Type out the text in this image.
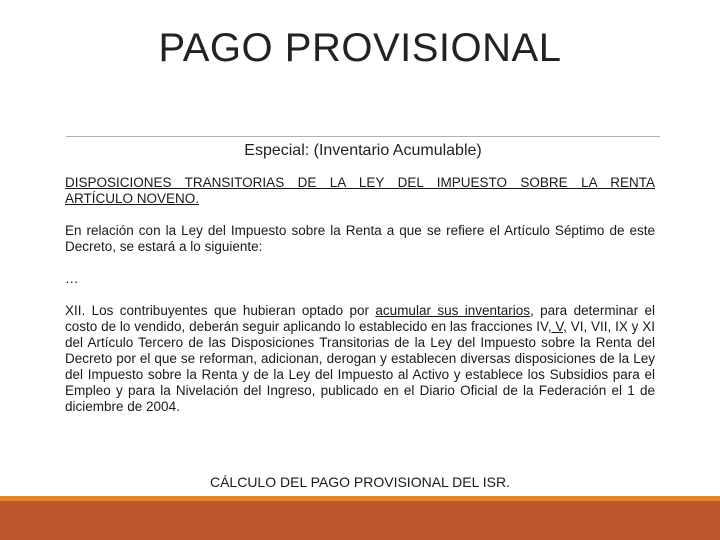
PAGO PROVISIONAL
Especial: (Inventario Acumulable)

DISPOSICIONES TRANSITORIAS DE LA LEY DEL IMPUESTO SOBRE LA RENTA

ARTÍCULO NOVENO.

En relación con la Ley del Impuesto sobre la Renta a que se refiere el Artículo Séptimo de este Decreto, se estará a lo siguiente:

…

XII. Los contribuyentes que hubieran optado por acumular sus inventarios, para determinar el costo de lo vendido, deberán seguir aplicando lo establecido en las fracciones IV, V, VI, VII, IX y XI del Artículo Tercero de las Disposiciones Transitorias de la Ley del Impuesto sobre la Renta del Decreto por el que se reforman, adicionan, derogan y establecen diversas disposiciones de la Ley del Impuesto sobre la Renta y de la Ley del Impuesto al Activo y establece los Subsidios para el Empleo y para la Nivelación del Ingreso, publicado en el Diario Oficial de la Federación el 1 de diciembre de 2004.

CÁLCULO DEL PAGO PROVISIONAL DEL ISR.
